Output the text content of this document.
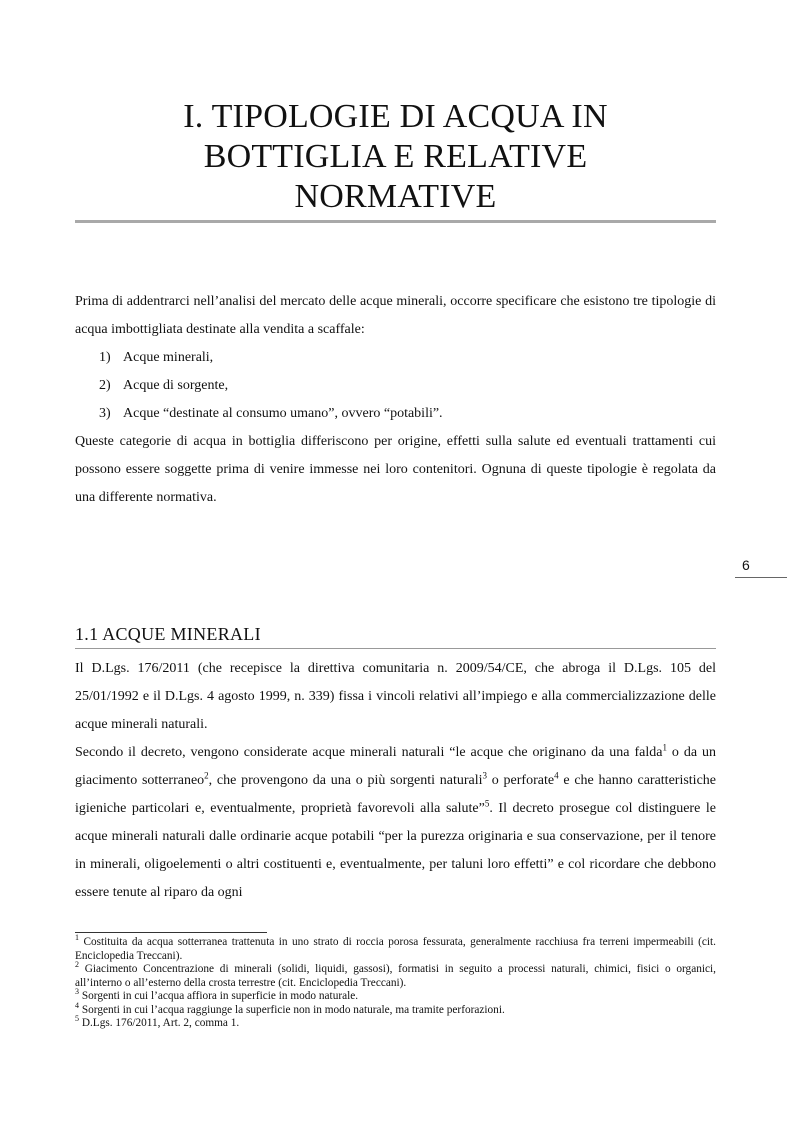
I. TIPOLOGIE DI ACQUA IN
BOTTIGLIA E RELATIVE
NORMATIVE

Prima di addentrarci nell’analisi del mercato delle acque minerali, occorre specificare che esistono tre tipologie di acqua imbottigliata destinate alla vendita a scaffale:

1) Acque minerali,
2) Acque di sorgente,
3) Acque “destinate al consumo umano”, ovvero “potabili”.

Queste categorie di acqua in bottiglia differiscono per origine, effetti sulla salute ed eventuali trattamenti cui possono essere soggette prima di venire immesse nei loro contenitori. Ognuna di queste tipologie è regolata da una differente normativa.

6
1.1 ACQUE MINERALI

Il D.Lgs. 176/2011 (che recepisce la direttiva comunitaria n. 2009/54/CE, che abroga il D.Lgs. 105 del 25/01/1992 e il D.Lgs. 4 agosto 1999, n. 339) fissa i vincoli relativi all’impiego e alla commercializzazione delle acque minerali naturali.

Secondo il decreto, vengono considerate acque minerali naturali “le acque che originano da una falda$^1$ o da un giacimento sotterraneo$^2$, che provengono da una o più sorgenti naturali$^3$ o perforate$^4$ e che hanno caratteristiche igieniche particolari e, eventualmente, proprietà favorevoli alla salute”$^5$. Il decreto prosegue col distinguere le acque minerali naturali dalle ordinarie acque potabili “per la purezza originaria e sua conservazione, per il tenore in minerali, oligoelementi o altri costituenti e, eventualmente, per taluni loro effetti” e col ricordare che debbono essere tenute al riparo da ogni

$^1$ Costituita da acqua sotterranea trattenuta in uno strato di roccia porosa fessurata, generalmente racchiusa fra terreni impermeabili (cit. Enciclopedia Treccani).
$^2$ Giacimento Concentrazione di minerali (solidi, liquidi, gassosi), formatisi in seguito a processi naturali, chimici, fisici o organici, all’interno o all’esterno della crosta terrestre (cit. Enciclopedia Treccani).
$^3$ Sorgenti in cui l’acqua affiora in superficie in modo naturale.
$^4$ Sorgenti in cui l’acqua raggiunge la superficie non in modo naturale, ma tramite perforazioni.
$^5$ D.Lgs. 176/2011, Art. 2, comma 1.
